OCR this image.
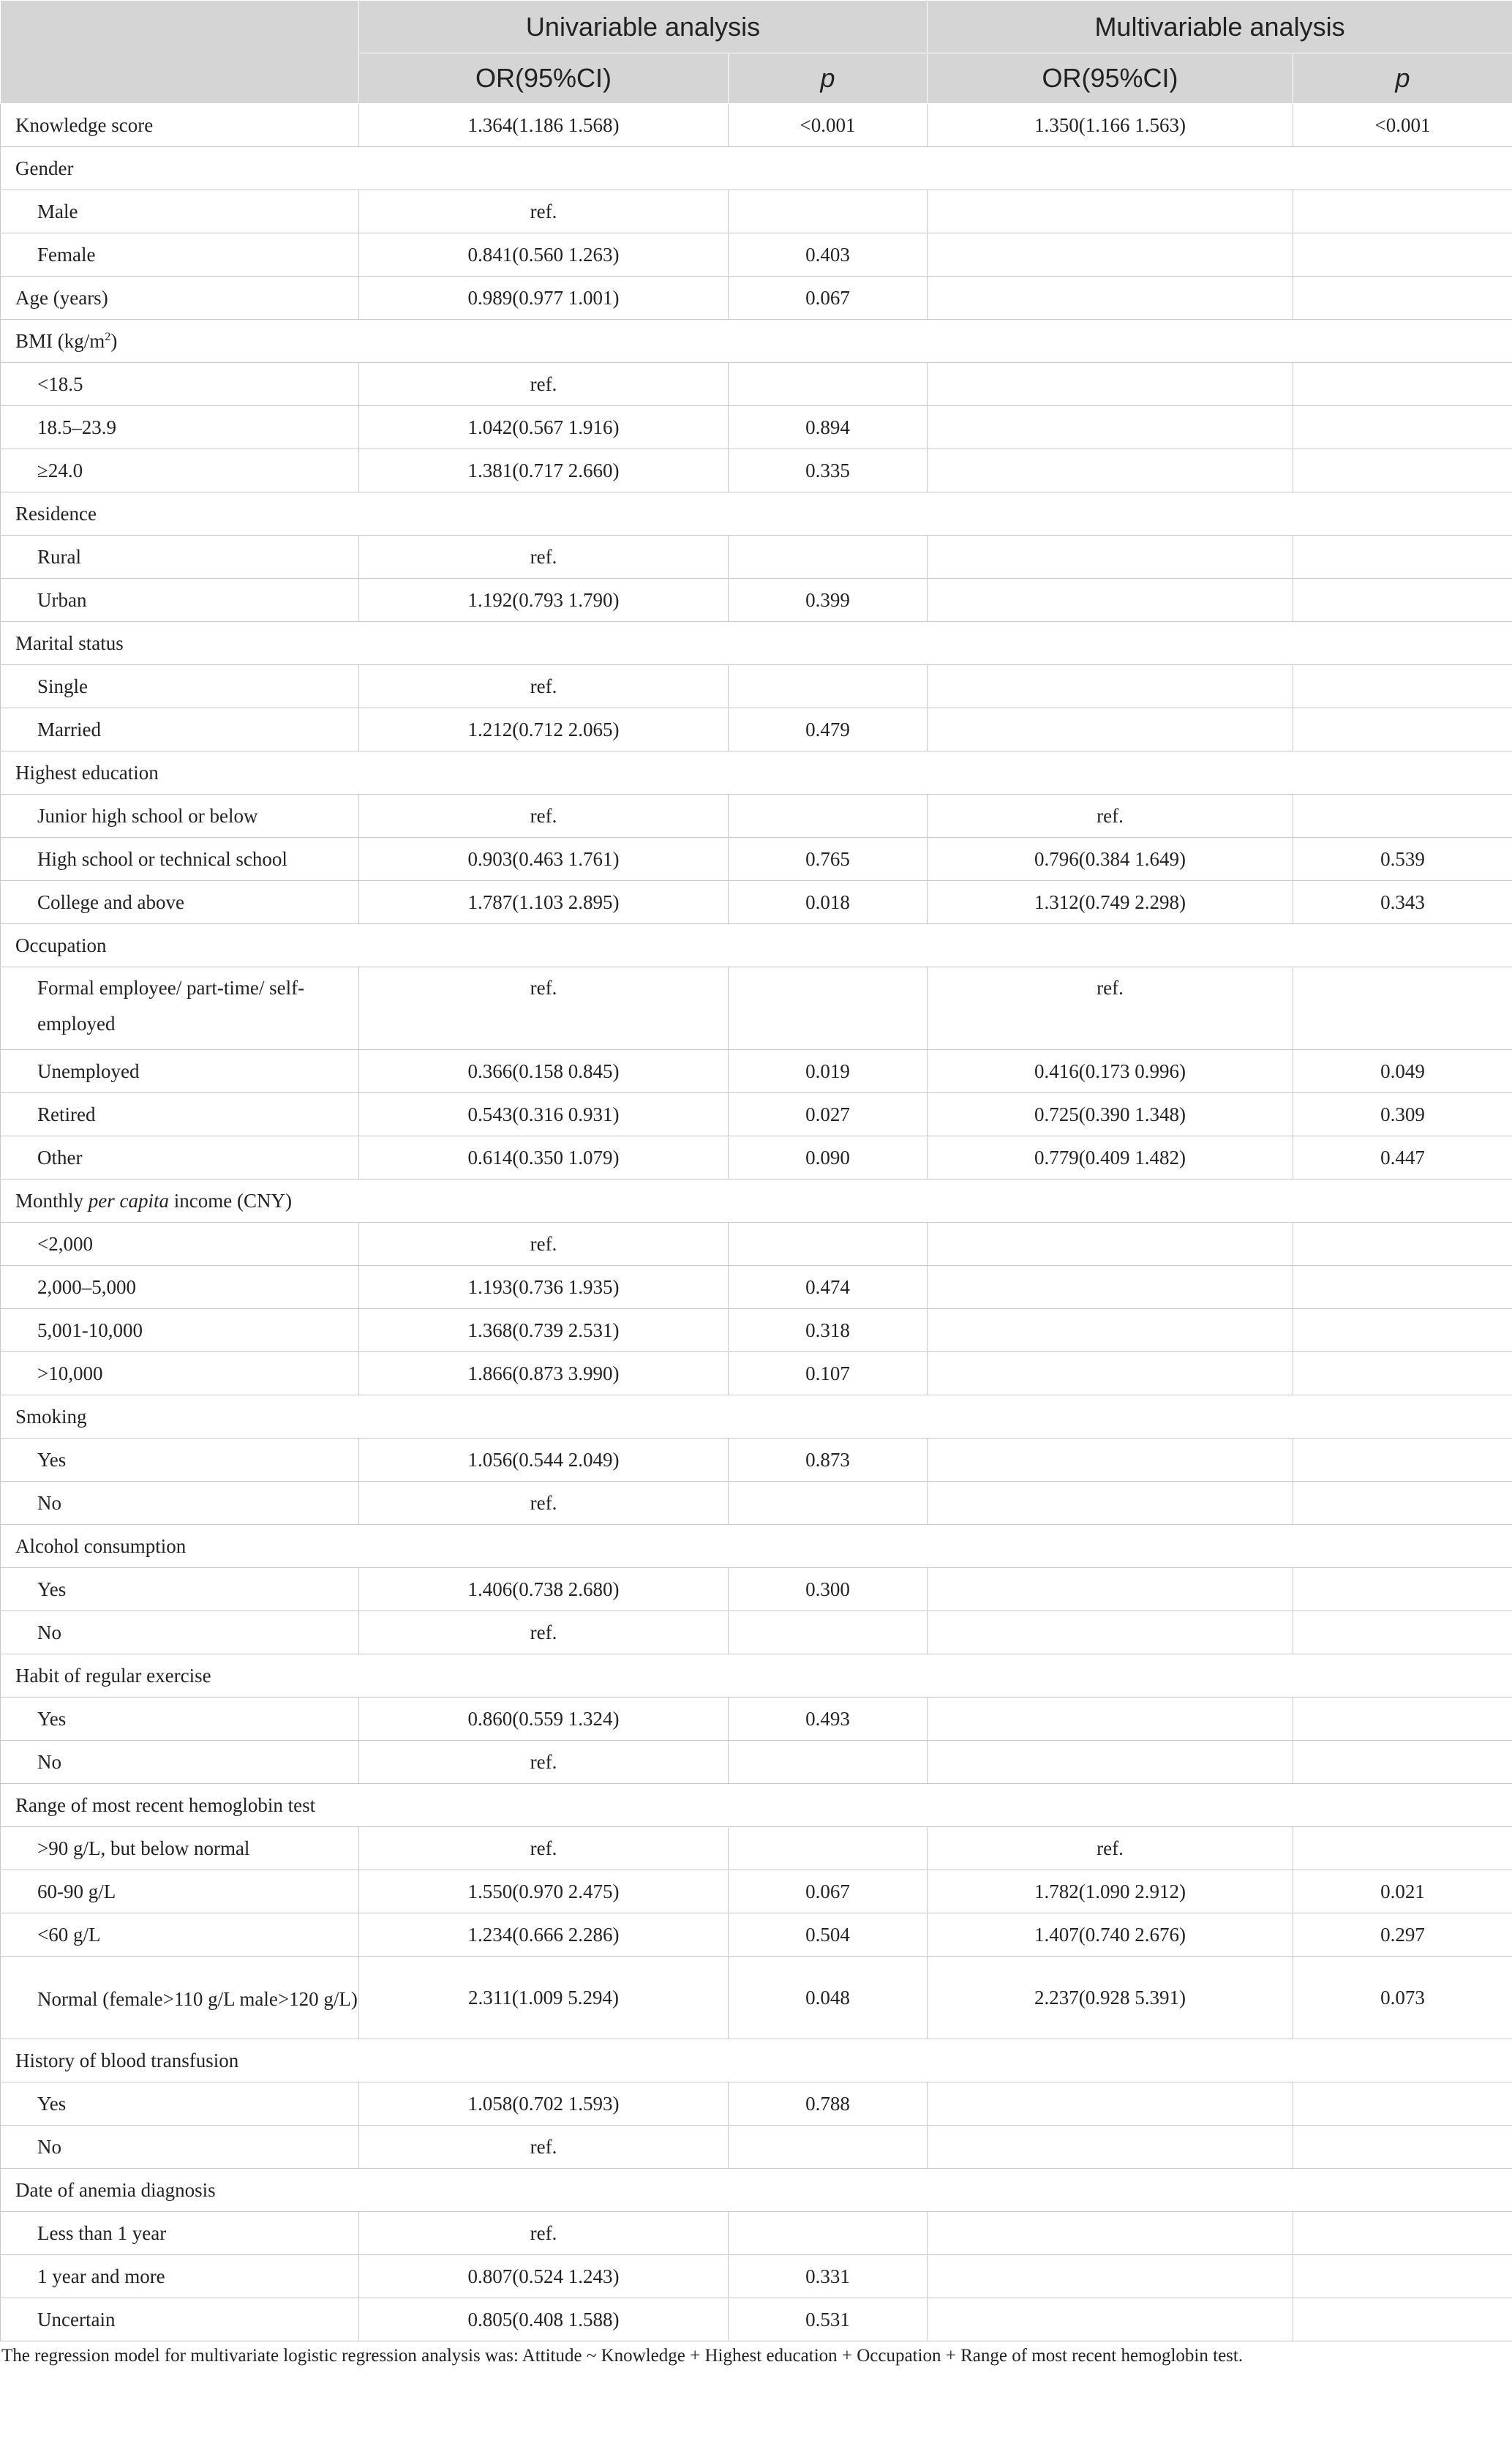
	Univariable analysis		Multivariable analysis	
	OR(95%CI)	p	OR(95%CI)	p
Knowledge score	1.364(1.186 1.568)	<0.001	1.350(1.166 1.563)	<0.001
Gender				
Male	ref.			
Female	0.841(0.560 1.263)	0.403		
Age (years)	0.989(0.977 1.001)	0.067		
BMI $(kg/m^2)$				
<18.5	ref.			
18.5–23.9	1.042(0.567 1.916)	0.894		
≥24.0	1.381(0.717 2.660)	0.335		
Residence				
Rural	ref.			
Urban	1.192(0.793 1.790)	0.399		
Marital status				
Single	ref.			
Married	1.212(0.712 2.065)	0.479		
Highest education				
Junior high school or below	ref.		ref.	
High school or technical school	0.903(0.463 1.761)	0.765	0.796(0.384 1.649)	0.539
College and above	1.787(1.103 2.895)	0.018	1.312(0.749 2.298)	0.343
Occupation				
Formal employee/ part-time/ self-employed	ref.		ref.	
Unemployed	0.366(0.158 0.845)	0.019	0.416(0.173 0.996)	0.049
Retired	0.543(0.316 0.931)	0.027	0.725(0.390 1.348)	0.309
Other	0.614(0.350 1.079)	0.090	0.779(0.409 1.482)	0.447
Monthly per capita income (CNY)				
<2,000	ref.			
2,000–5,000	1.193(0.736 1.935)	0.474		
5,001-10,000	1.368(0.739 2.531)	0.318		
>10,000	1.866(0.873 3.990)	0.107		
Smoking				
Yes	1.056(0.544 2.049)	0.873		
No	ref.			
Alcohol consumption				
Yes	1.406(0.738 2.680)	0.300		
No	ref.			
Habit of regular exercise				
Yes	0.860(0.559 1.324)	0.493		
No	ref.			
Range of most recent hemoglobin test				
>90 g/L, but below normal	ref.		ref.	
60-90 g/L	1.550(0.970 2.475)	0.067	1.782(1.090 2.912)	0.021
<60 g/L	1.234(0.666 2.286)	0.504	1.407(0.740 2.676)	0.297
Normal (female>110 g/L male>120 g/L)	2.311(1.009 5.294)	0.048	2.237(0.928 5.391)	0.073
History of blood transfusion				
Yes	1.058(0.702 1.593)	0.788		
No	ref.			
Date of anemia diagnosis				
Less than 1 year	ref.			
1 year and more	0.807(0.524 1.243)	0.331		
Uncertain	0.805(0.408 1.588)	0.531		
The regression model for multivariate logistic regression analysis was: Attitude ~ Knowledge + Highest education + Occupation + Range of most recent hemoglobin test.
